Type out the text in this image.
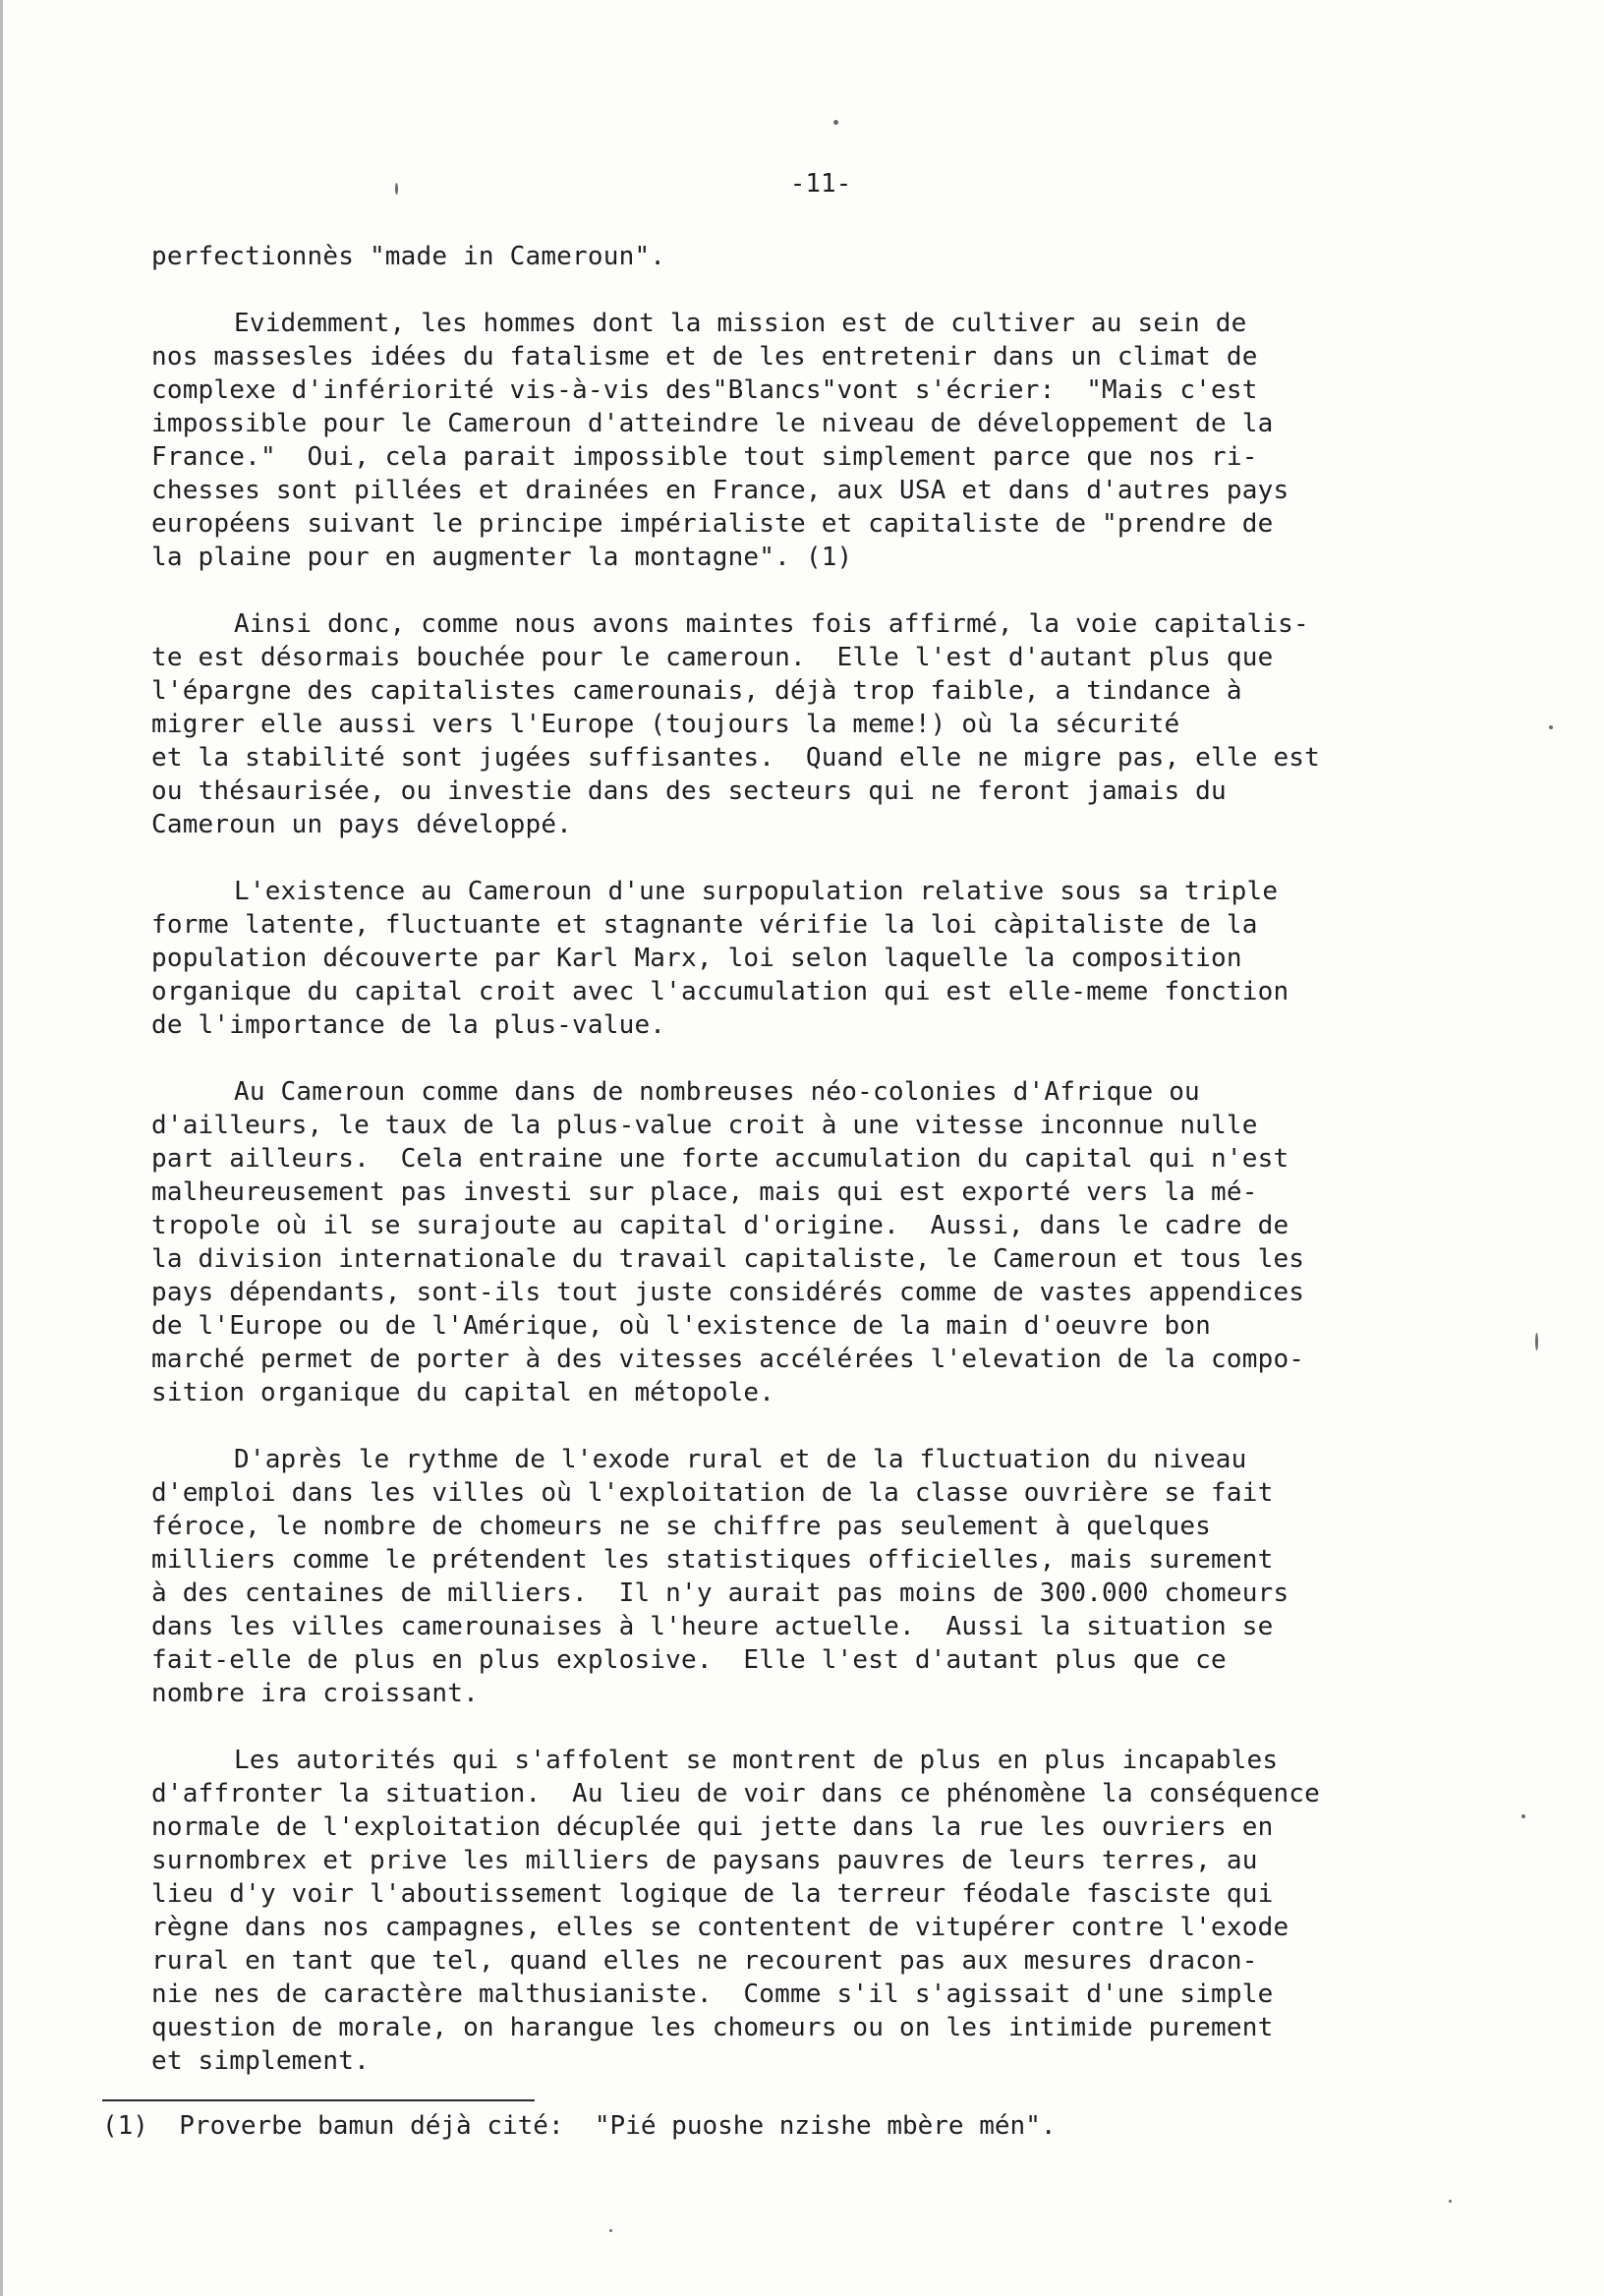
-11-
perfectionnès "made in Cameroun".
Evidemment, les hommes dont la mission est de cultiver au sein de
nos massesles idées du fatalisme et de les entretenir dans un climat de
complexe d'infériorité vis-à-vis des"Blancs"vont s'écrier:  "Mais c'est
impossible pour le Cameroun d'atteindre le niveau de développement de la
France."  Oui, cela parait impossible tout simplement parce que nos ri-
chesses sont pillées et drainées en France, aux USA et dans d'autres pays
européens suivant le principe impérialiste et capitaliste de "prendre de
la plaine pour en augmenter la montagne". (1)
Ainsi donc, comme nous avons maintes fois affirmé, la voie capitalis-
te est désormais bouchée pour le cameroun.  Elle l'est d'autant plus que
l'épargne des capitalistes camerounais, déjà trop faible, a tindance à
migrer elle aussi vers l'Europe (toujours la meme!) où la sécurité
et la stabilité sont jugées suffisantes.  Quand elle ne migre pas, elle est
ou thésaurisée, ou investie dans des secteurs qui ne feront jamais du
Cameroun un pays développé.
L'existence au Cameroun d'une surpopulation relative sous sa triple
forme latente, fluctuante et stagnante vérifie la loi càpitaliste de la
population découverte par Karl Marx, loi selon laquelle la composition
organique du capital croit avec l'accumulation qui est elle-meme fonction
de l'importance de la plus-value.
Au Cameroun comme dans de nombreuses néo-colonies d'Afrique ou
d'ailleurs, le taux de la plus-value croit à une vitesse inconnue nulle
part ailleurs.  Cela entraine une forte accumulation du capital qui n'est
malheureusement pas investi sur place, mais qui est exporté vers la mé-
tropole où il se surajoute au capital d'origine.  Aussi, dans le cadre de
la division internationale du travail capitaliste, le Cameroun et tous les
pays dépendants, sont-ils tout juste considérés comme de vastes appendices
de l'Europe ou de l'Amérique, où l'existence de la main d'oeuvre bon
marché permet de porter à des vitesses accélérées l'elevation de la compo-
sition organique du capital en métopole.
D'après le rythme de l'exode rural et de la fluctuation du niveau
d'emploi dans les villes où l'exploitation de la classe ouvrière se fait
féroce, le nombre de chomeurs ne se chiffre pas seulement à quelques
milliers comme le prétendent les statistiques officielles, mais surement
à des centaines de milliers.  Il n'y aurait pas moins de 300.000 chomeurs
dans les villes camerounaises à l'heure actuelle.  Aussi la situation se
fait-elle de plus en plus explosive.  Elle l'est d'autant plus que ce
nombre ira croissant.
Les autorités qui s'affolent se montrent de plus en plus incapables
d'affronter la situation.  Au lieu de voir dans ce phénomène la conséquence
normale de l'exploitation décuplée qui jette dans la rue les ouvriers en
surnombrex et prive les milliers de paysans pauvres de leurs terres, au
lieu d'y voir l'aboutissement logique de la terreur féodale fasciste qui
règne dans nos campagnes, elles se contentent de vitupérer contre l'exode
rural en tant que tel, quand elles ne recourent pas aux mesures dracon-
nie nes de caractère malthusianiste.  Comme s'il s'agissait d'une simple
question de morale, on harangue les chomeurs ou on les intimide purement
et simplement.
(1)  Proverbe bamun déjà cité:  "Pié puoshe nzishe mbère mén".
